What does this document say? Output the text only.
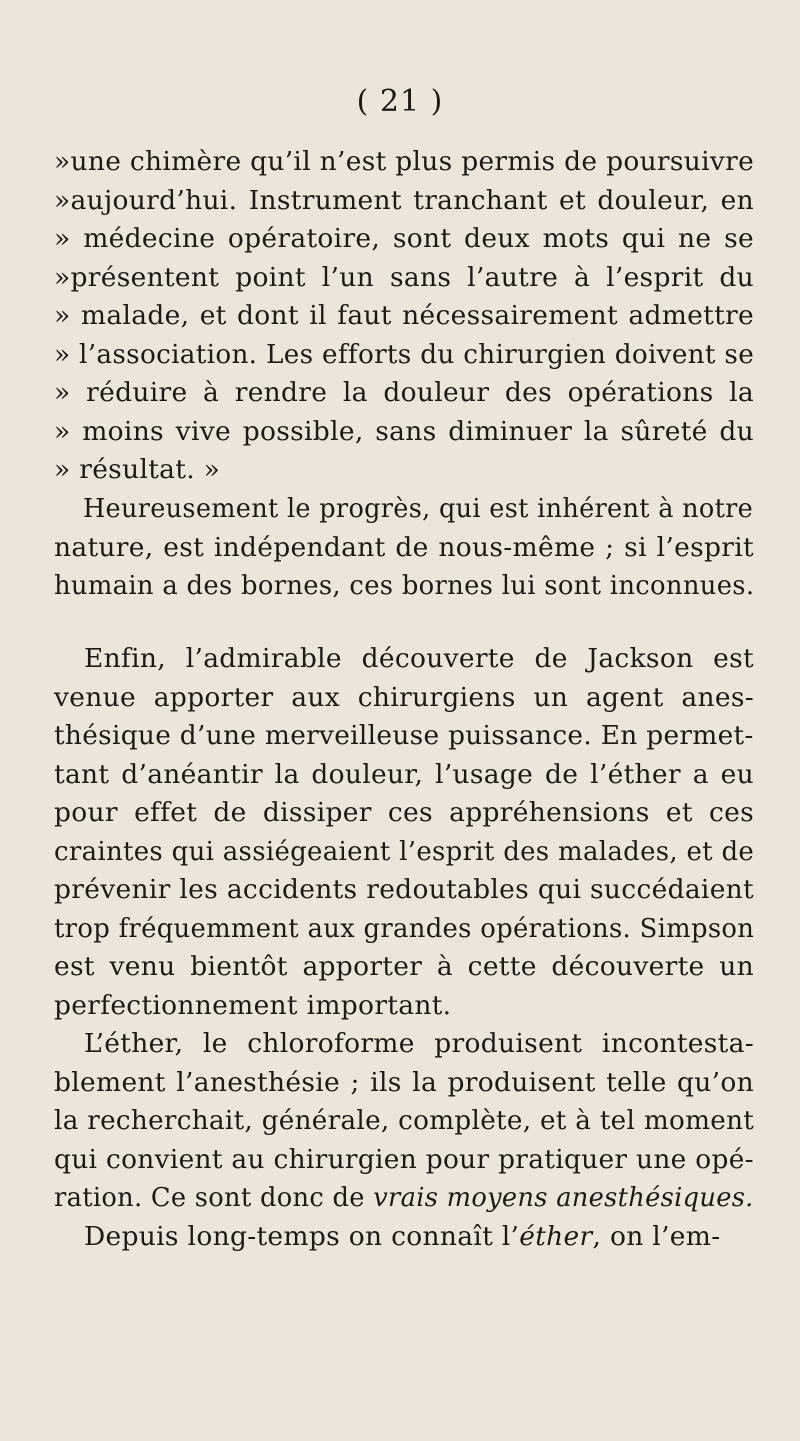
( 21 )
»une chimère qu’il n’est plus permis de poursuivre
»aujourd’hui. Instrument tranchant et douleur, en
» médecine opératoire, sont deux mots qui ne se
»présentent point l’un sans l’autre à l’esprit du
» malade, et dont il faut nécessairement admettre
» l’association. Les efforts du chirurgien doivent se
» réduire à rendre la douleur des opérations la
» moins vive possible, sans diminuer la sûreté du
» résultat. »
Heureusement le progrès, qui est inhérent à notre
nature, est indépendant de nous-même ; si l’esprit
humain a des bornes, ces bornes lui sont inconnues.
Enfin, l’admirable découverte de Jackson est
venue apporter aux chirurgiens un agent anes-
thésique d’une merveilleuse puissance. En permet-
tant d’anéantir la douleur, l’usage de l’éther a eu
pour effet de dissiper ces appréhensions et ces
craintes qui assiégeaient l’esprit des malades, et de
prévenir les accidents redoutables qui succédaient
trop fréquemment aux grandes opérations. Simpson
est venu bientôt apporter à cette découverte un
perfectionnement important.
L’éther, le chloroforme produisent incontesta-
blement l’anesthésie ; ils la produisent telle qu’on
la recherchait, générale, complète, et à tel moment
qui convient au chirurgien pour pratiquer une opé-
ration. Ce sont donc de vrais moyens anesthésiques.
Depuis long-temps on connaît l’éther, on l’em-
